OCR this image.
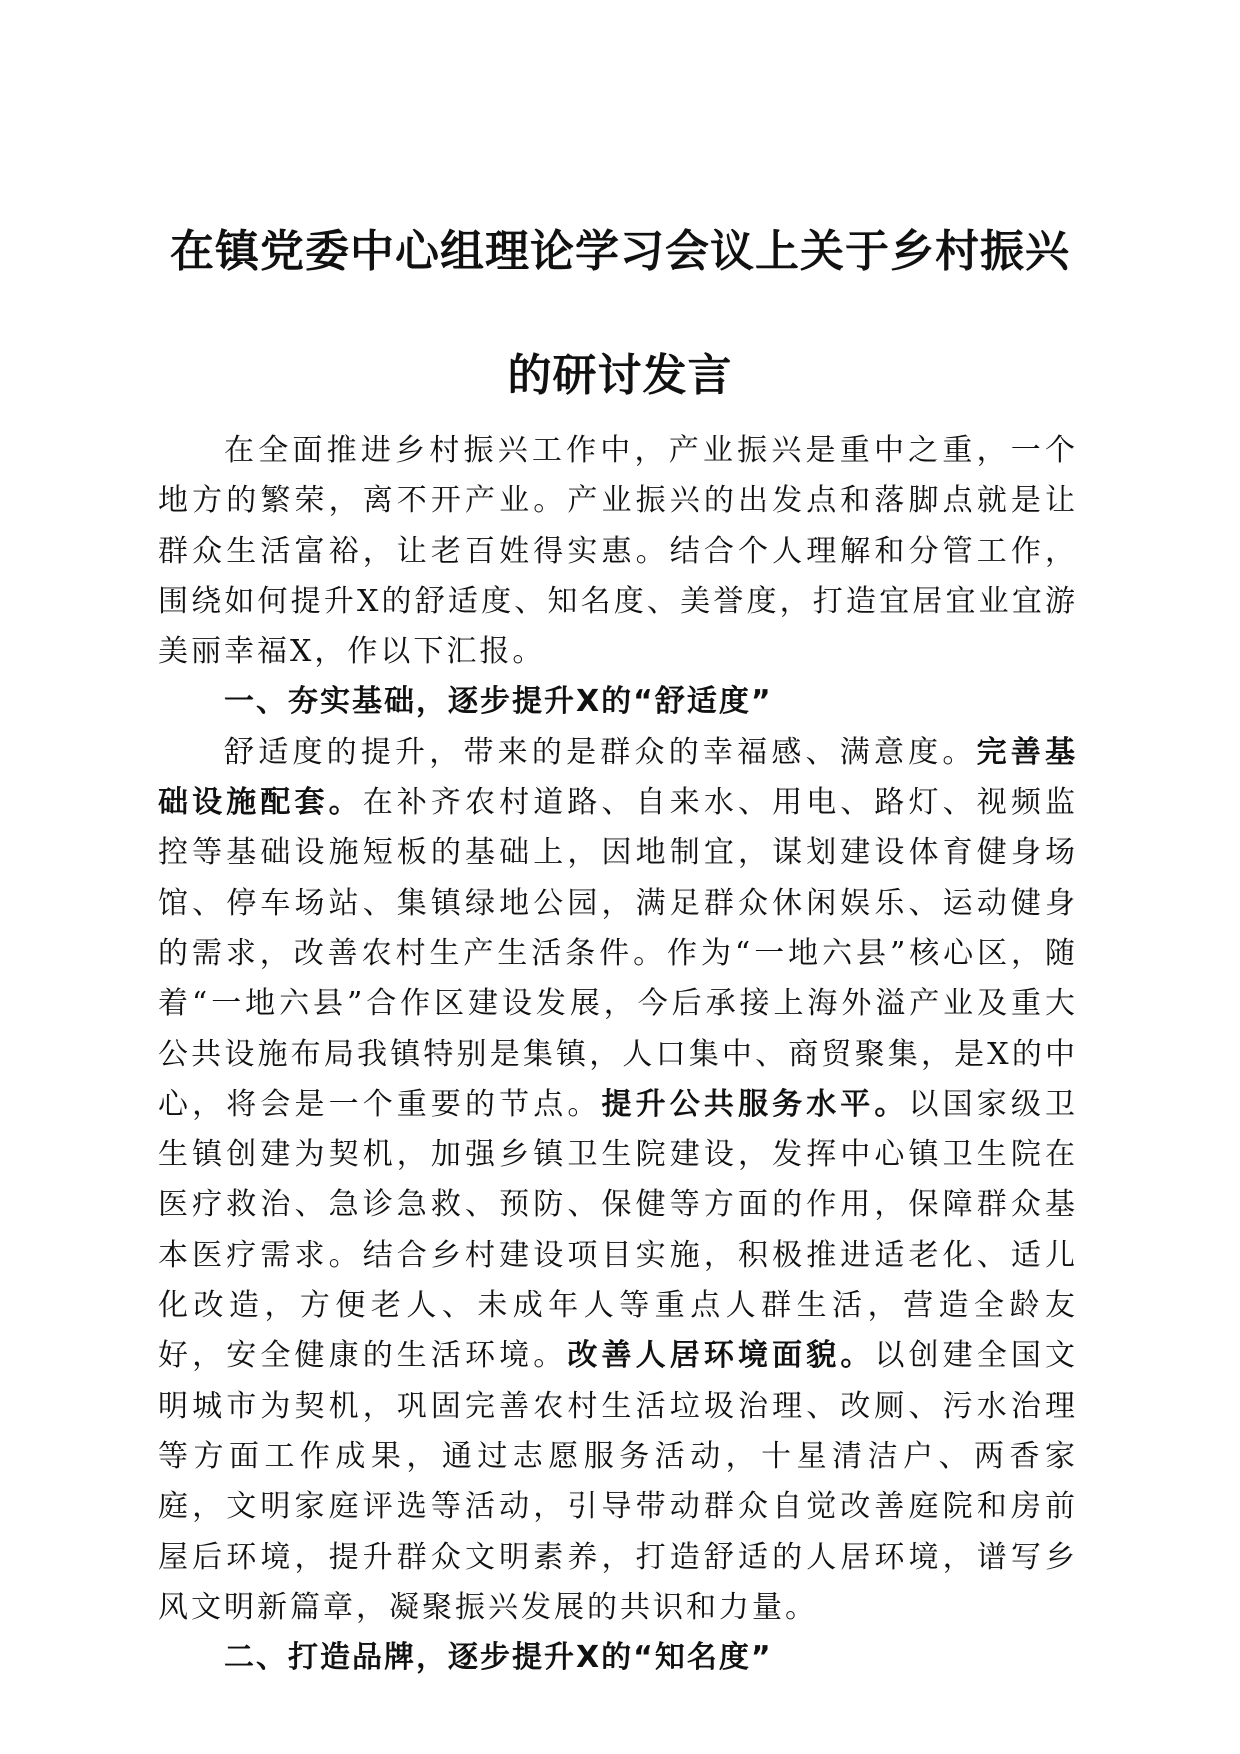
在镇党委中心组理论学习会议上关于乡村振兴
的研讨发言

在全面推进乡村振兴工作中，产业振兴是重中之重，一个地方的繁荣，离不开产业。产业振兴的出发点和落脚点就是让群众生活富裕，让老百姓得实惠。结合个人理解和分管工作，围绕如何提升X的舒适度、知名度、美誉度，打造宜居宜业宜游美丽幸福X，作以下汇报。

一、夯实基础，逐步提升X的“舒适度”

舒适度的提升，带来的是群众的幸福感、满意度。完善基础设施配套。在补齐农村道路、自来水、用电、路灯、视频监控等基础设施短板的基础上，因地制宜，谋划建设体育健身场馆、停车场站、集镇绿地公园，满足群众休闲娱乐、运动健身的需求，改善农村生产生活条件。作为“一地六县”核心区，随着“一地六县”合作区建设发展，今后承接上海外溢产业及重大公共设施布局我镇特别是集镇，人口集中、商贸聚集，是X的中心，将会是一个重要的节点。提升公共服务水平。以国家级卫生镇创建为契机，加强乡镇卫生院建设，发挥中心镇卫生院在医疗救治、急诊急救、预防、保健等方面的作用，保障群众基本医疗需求。结合乡村建设项目实施，积极推进适老化、适儿化改造，方便老人、未成年人等重点人群生活，营造全龄友好，安全健康的生活环境。改善人居环境面貌。以创建全国文明城市为契机，巩固完善农村生活垃圾治理、改厕、污水治理等方面工作成果，通过志愿服务活动，十星清洁户、两香家庭，文明家庭评选等活动，引导带动群众自觉改善庭院和房前屋后环境，提升群众文明素养，打造舒适的人居环境，谱写乡风文明新篇章，凝聚振兴发展的共识和力量。

二、打造品牌，逐步提升X的“知名度”
